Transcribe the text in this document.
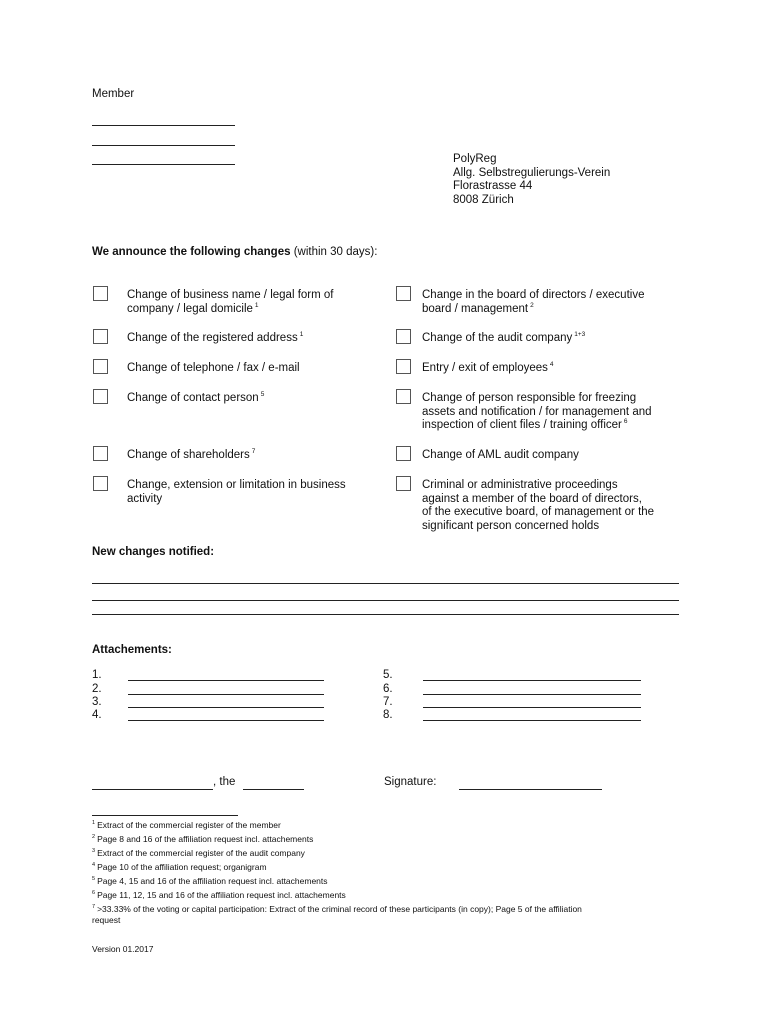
Member
PolyReg
Allg. Selbstregulierungs-Verein
Florastrasse 44
8008 Zürich
We announce the following changes (within 30 days):
Change of business name / legal form of
company / legal domicile $^1$
Change of the registered address $^1$
Change of telephone / fax / e-mail
Change of contact person $^5$
Change of shareholders $^7$
Change, extension or limitation in business
activity
Change in the board of directors / executive
board / management $^2$
Change of the audit company $^{1+3}$
Entry / exit of employees $^4$
Change of person responsible for freezing
assets and notification / for management and
inspection of client files / training officer $^6$
Change of AML audit company
Criminal or administrative proceedings
against a member of the board of directors,
of the executive board, of management or the
significant person concerned holds
New changes notified:
Attachements:
1.
2.
3.
4.
5.
6.
7.
8.
, the	Signature:
$^1$ Extract of the commercial register of the member
$^2$ Page 8 and 16 of the affiliation request incl. attachements
$^3$ Extract of the commercial register of the audit company
$^4$ Page 10 of the affiliation request; organigram
$^5$ Page 4, 15 and 16 of the affiliation request incl. attachements
$^6$ Page 11, 12, 15 and 16 of the affiliation request incl. attachements
$^7$ >33.33% of the voting or capital participation: Extract of the criminal record of these participants (in copy); Page 5 of the affiliation
request
Version 01.2017
